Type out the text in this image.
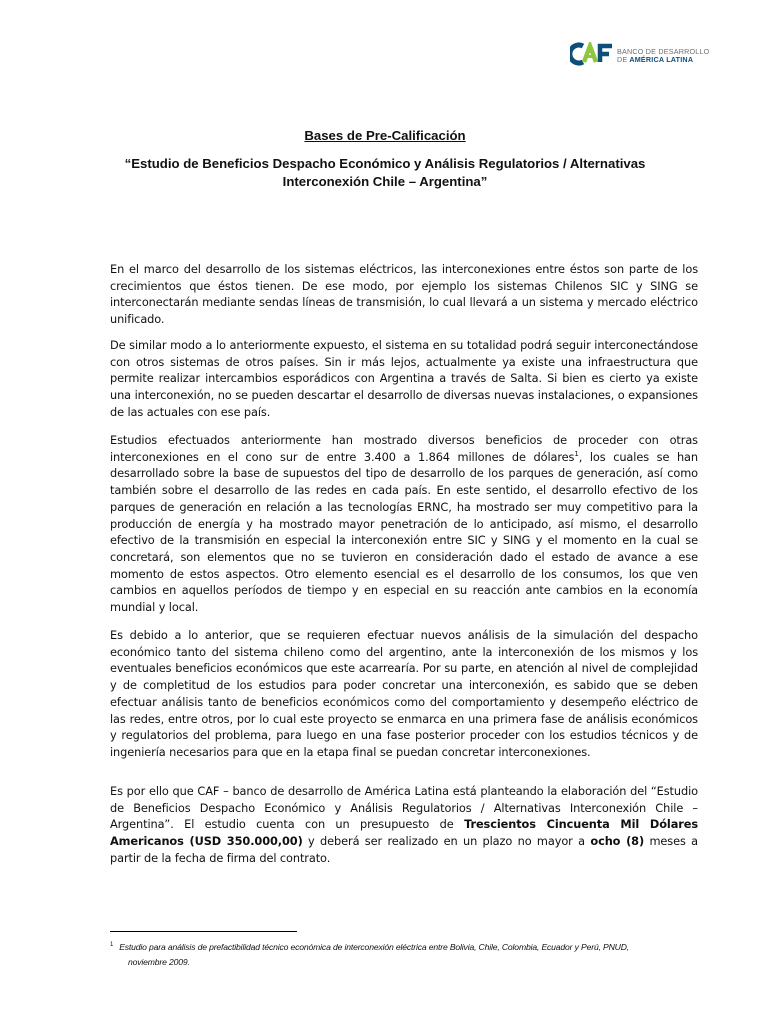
BANCO DE DESARROLLO
DE AMÉRICA LATINA
Bases de Pre-Calificación
“Estudio de Beneficios Despacho Económico y Análisis Regulatorios / Alternativas Interconexión Chile – Argentina”

En el marco del desarrollo de los sistemas eléctricos, las interconexiones entre éstos son parte de los crecimientos que éstos tienen. De ese modo, por ejemplo los sistemas Chilenos SIC y SING se interconectarán mediante sendas líneas de transmisión, lo cual llevará a un sistema y mercado eléctrico unificado.

De similar modo a lo anteriormente expuesto, el sistema en su totalidad podrá seguir interconectándose con otros sistemas de otros países. Sin ir más lejos, actualmente ya existe una infraestructura que permite realizar intercambios esporádicos con Argentina a través de Salta. Si bien es cierto ya existe una interconexión, no se pueden descartar el desarrollo de diversas nuevas instalaciones, o expansiones de las actuales con ese país.

Estudios efectuados anteriormente han mostrado diversos beneficios de proceder con otras interconexiones en el cono sur de entre 3.400 a 1.864 millones de dólares$^1$, los cuales se han desarrollado sobre la base de supuestos del tipo de desarrollo de los parques de generación, así como también sobre el desarrollo de las redes en cada país. En este sentido, el desarrollo efectivo de los parques de generación en relación a las tecnologías ERNC, ha mostrado ser muy competitivo para la producción de energía y ha mostrado mayor penetración de lo anticipado, así mismo, el desarrollo efectivo de la transmisión en especial la interconexión entre SIC y SING y el momento en la cual se concretará, son elementos que no se tuvieron en consideración dado el estado de avance a ese momento de estos aspectos. Otro elemento esencial es el desarrollo de los consumos, los que ven cambios en aquellos períodos de tiempo y en especial en su reacción ante cambios en la economía mundial y local.

Es debido a lo anterior, que se requieren efectuar nuevos análisis de la simulación del despacho económico tanto del sistema chileno como del argentino, ante la interconexión de los mismos y los eventuales beneficios económicos que este acarrearía. Por su parte, en atención al nivel de complejidad y de completitud de los estudios para poder concretar una interconexión, es sabido que se deben efectuar análisis tanto de beneficios económicos como del comportamiento y desempeño eléctrico de las redes, entre otros, por lo cual este proyecto se enmarca en una primera fase de análisis económicos y regulatorios del problema, para luego en una fase posterior proceder con los estudios técnicos y de ingeniería necesarios para que en la etapa final se puedan concretar interconexiones.

Es por ello que CAF – banco de desarrollo de América Latina está planteando la elaboración del “Estudio de Beneficios Despacho Económico y Análisis Regulatorios / Alternativas Interconexión Chile – Argentina”. El estudio cuenta con un presupuesto de Trescientos Cincuenta Mil Dólares Americanos (USD 350.000,00) y deberá ser realizado en un plazo no mayor a ocho (8) meses a partir de la fecha de firma del contrato.

$^1$ Estudio para análisis de prefactibilidad técnico económica de interconexión eléctrica entre Bolivia, Chile, Colombia, Ecuador y Perú, PNUD,
noviembre 2009.
